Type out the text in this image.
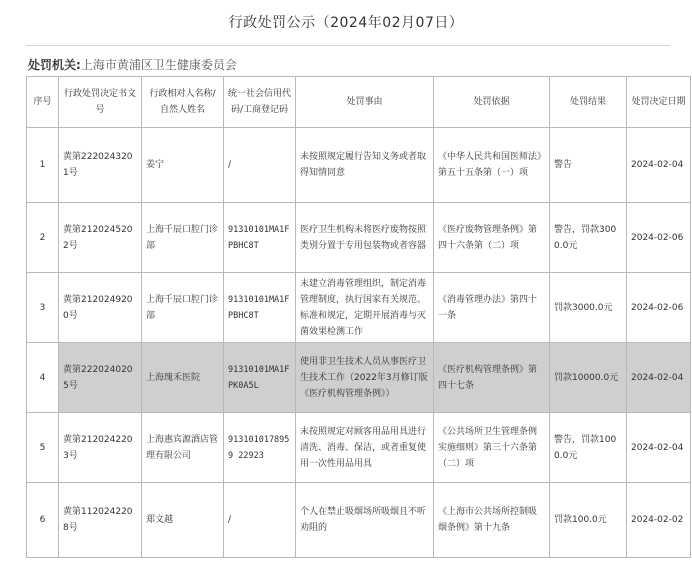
行政处罚公示（2024年02月07日）
处罚机关:上海市黄浦区卫生健康委员会
序号	行政处罚决定书文号	行政相对人名称/自然人姓名	统一社会信用代码/工商登记码	处罚事由	处罚依据	处罚结果	处罚决定日期
1	黄第2220243201号	姜宁	/	未按照规定履行告知义务或者取得知情同意	《中华人民共和国医师法》第五十五条第（一）项	警告	2024-02-04
2	黄第2120245202号	上海千辰口腔门诊部	91310101MA1FPBHC8T	医疗卫生机构未将医疗废物按照类别分置于专用包装物或者容器	《医疗废物管理条例》第四十六条第（二）项	警告，罚款3000.0元	2024-02-06
3	黄第2120249200号	上海千辰口腔门诊部	91310101MA1FPBHC8T	未建立消毒管理组织，制定消毒管理制度，执行国家有关规范、标准和规定，定期开展消毒与灭菌效果检测工作	《消毒管理办法》第四十一条	罚款3000.0元	2024-02-06
4	黄第2220240205号	上海瑰禾医院	91310101MA1FPK0A5L	使用非卫生技术人员从事医疗卫生技术工作（2022年3月修订版《医疗机构管理条例》）	《医疗机构管理条例》第四十七条	罚款10000.0元	2024-02-04
5	黄第2120242203号	上海惠宾源酒店管理有限公司	9131010178959 22923	未按照规定对顾客用品用具进行清洗、消毒、保洁，或者重复使用一次性用品用具	《公共场所卫生管理条例实施细则》第三十六条第（二）项	警告，罚款1000.0元	2024-02-04
6	黄第1120242208号	郑文越	/	个人在禁止吸烟场所吸烟且不听劝阻的	《上海市公共场所控制吸烟条例》第十九条	罚款100.0元	2024-02-02
